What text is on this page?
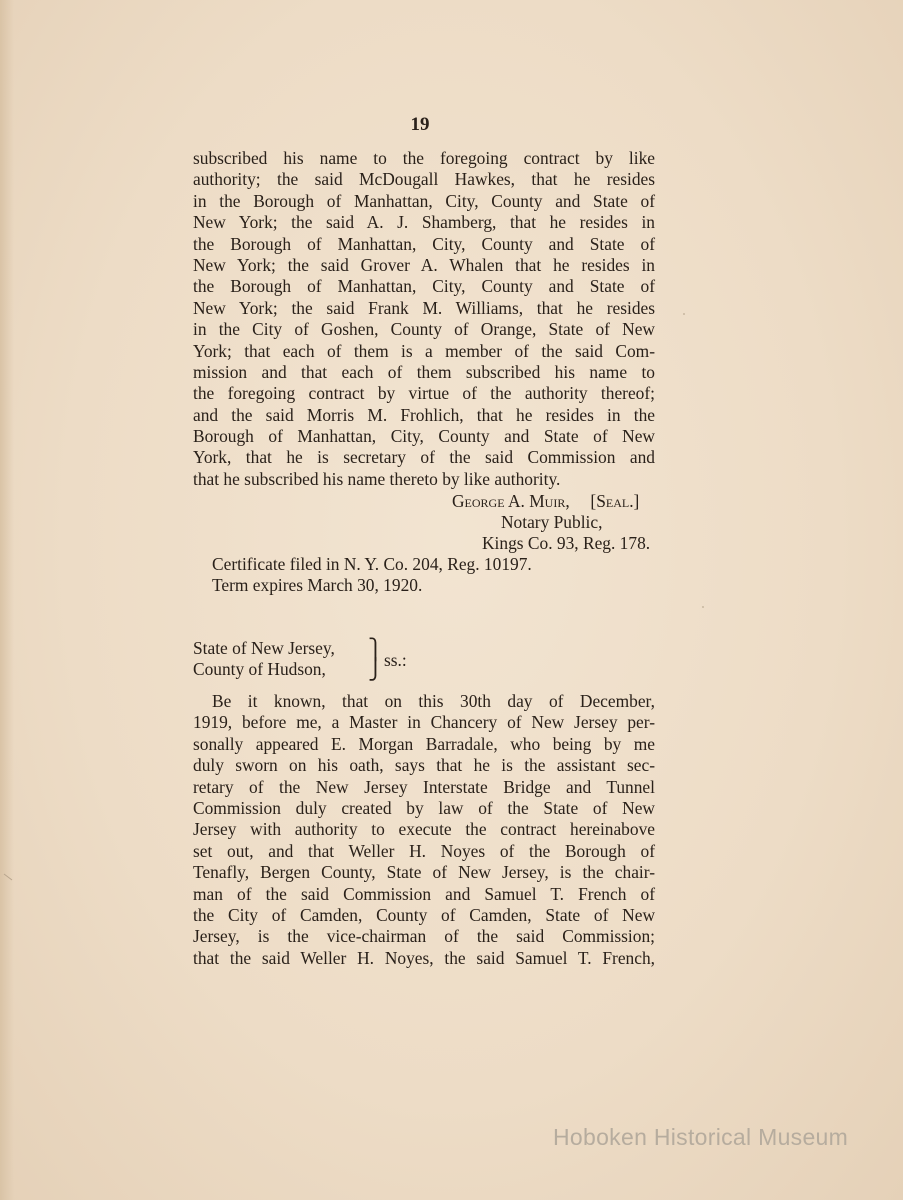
19
subscribed his name to the foregoing contract by like
authority; the said McDougall Hawkes, that he resides
in the Borough of Manhattan, City, County and State of
New York; the said A. J. Shamberg, that he resides in
the Borough of Manhattan, City, County and State of
New York; the said Grover A. Whalen that he resides in
the Borough of Manhattan, City, County and State of
New York; the said Frank M. Williams, that he resides
in the City of Goshen, County of Orange, State of New
York; that each of them is a member of the said Com-
mission and that each of them subscribed his name to
the foregoing contract by virtue of the authority thereof;
and the said Morris M. Frohlich, that he resides in the
Borough of Manhattan, City, County and State of New
York, that he is secretary of the said Commission and
that he subscribed his name thereto by like authority.
George A. Muir, [Seal.]
Notary Public,
Kings Co. 93, Reg. 178.
Certificate filed in N. Y. Co. 204, Reg. 10197.
Term expires March 30, 1920.
State of New Jersey,
County of Hudson,
⎫
⎭ ss.:
Be it known, that on this 30th day of December,
1919, before me, a Master in Chancery of New Jersey per-
sonally appeared E. Morgan Barradale, who being by me
duly sworn on his oath, says that he is the assistant sec-
retary of the New Jersey Interstate Bridge and Tunnel
Commission duly created by law of the State of New
Jersey with authority to execute the contract hereinabove
set out, and that Weller H. Noyes of the Borough of
Tenafly, Bergen County, State of New Jersey, is the chair-
man of the said Commission and Samuel T. French of
the City of Camden, County of Camden, State of New
Jersey, is the vice-chairman of the said Commission;
that the said Weller H. Noyes, the said Samuel T. French,
Hoboken Historical Museum
